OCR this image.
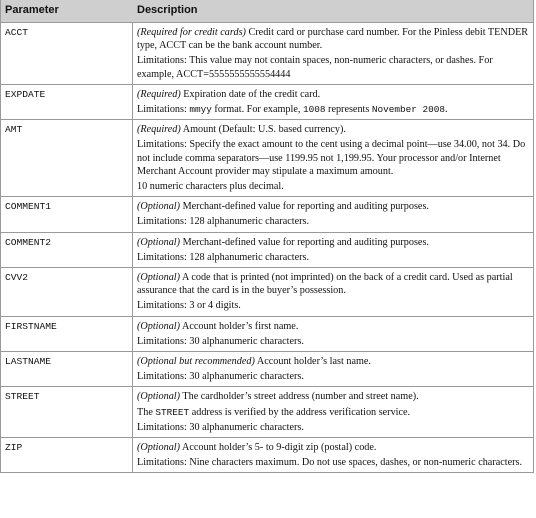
Parameter	Description
ACCT	(Required for credit cards) Credit card or purchase card number. For the Pinless debit TENDER type, ACCT can be the bank account number.
Limitations: This value may not contain spaces, non-numeric characters, or dashes. For example, ACCT=5555555555554444

EXPDATE	(Required) Expiration date of the credit card.
Limitations: mmyy format. For example, 1008 represents November 2008.

AMT	(Required) Amount (Default: U.S. based currency).
Limitations: Specify the exact amount to the cent using a decimal point—use 34.00, not 34. Do not include comma separators—use 1199.95 not 1,199.95. Your processor and/or Internet Merchant Account provider may stipulate a maximum amount.
10 numeric characters plus decimal.

COMMENT1	(Optional) Merchant-defined value for reporting and auditing purposes.
Limitations: 128 alphanumeric characters.

COMMENT2	(Optional) Merchant-defined value for reporting and auditing purposes.
Limitations: 128 alphanumeric characters.

CVV2	(Optional) A code that is printed (not imprinted) on the back of a credit card. Used as partial assurance that the card is in the buyer’s possession.
Limitations: 3 or 4 digits.

FIRSTNAME	(Optional) Account holder’s first name.
Limitations: 30 alphanumeric characters.

LASTNAME	(Optional but recommended) Account holder’s last name.
Limitations: 30 alphanumeric characters.

STREET	(Optional) The cardholder’s street address (number and street name).
The STREET address is verified by the address verification service.
Limitations: 30 alphanumeric characters.

ZIP	(Optional) Account holder’s 5- to 9-digit zip (postal) code.
Limitations: Nine characters maximum. Do not use spaces, dashes, or non-numeric characters.
